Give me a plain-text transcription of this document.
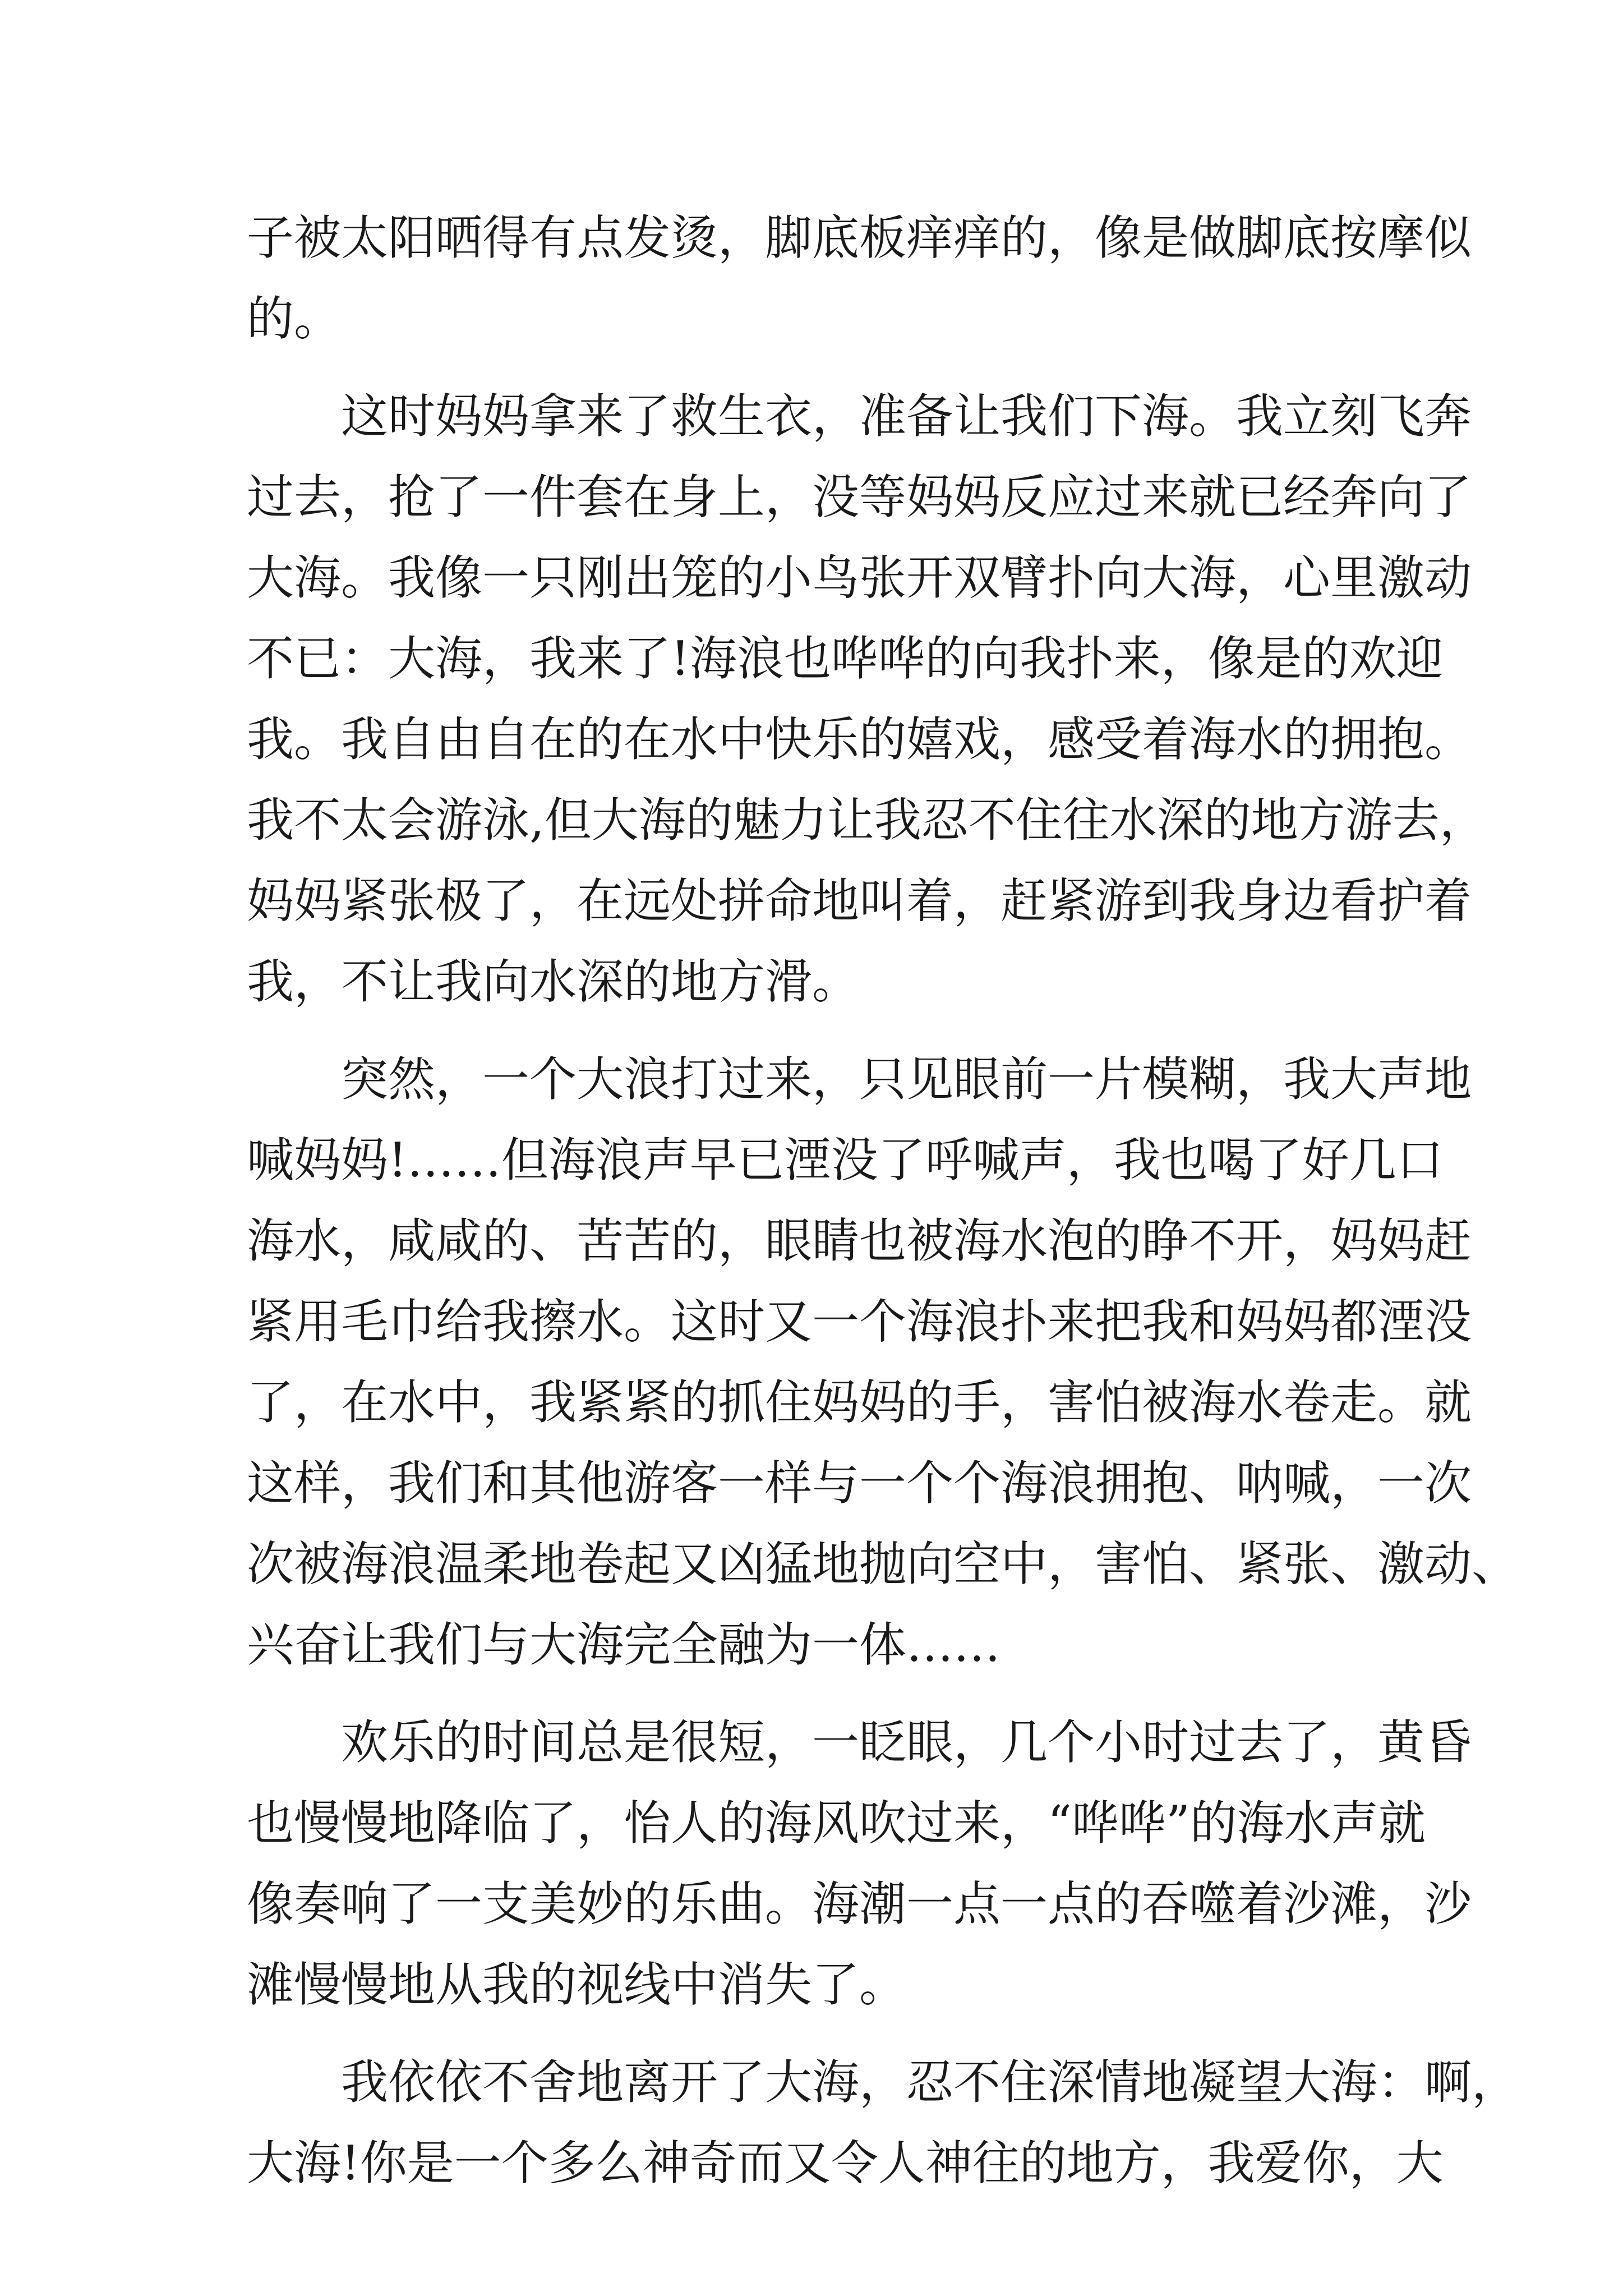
子被太阳晒得有点发烫，脚底板痒痒的，像是做脚底按摩似
的。
　　这时妈妈拿来了救生衣，准备让我们下海。我立刻飞奔
过去，抢了一件套在身上，没等妈妈反应过来就已经奔向了
大海。我像一只刚出笼的小鸟张开双臂扑向大海，心里激动
不已：大海，我来了!海浪也哗哗的向我扑来，像是的欢迎
我。我自由自在的在水中快乐的嬉戏，感受着海水的拥抱。
我不太会游泳,但大海的魅力让我忍不住往水深的地方游去，
妈妈紧张极了，在远处拼命地叫着，赶紧游到我身边看护着
我，不让我向水深的地方滑。
　　突然，一个大浪打过来，只见眼前一片模糊，我大声地
喊妈妈!……但海浪声早已湮没了呼喊声，我也喝了好几口
海水，咸咸的、苦苦的，眼睛也被海水泡的睁不开，妈妈赶
紧用毛巾给我擦水。这时又一个海浪扑来把我和妈妈都湮没
了，在水中，我紧紧的抓住妈妈的手，害怕被海水卷走。就
这样，我们和其他游客一样与一个个海浪拥抱、呐喊，一次
次被海浪温柔地卷起又凶猛地抛向空中，害怕、紧张、激动、
兴奋让我们与大海完全融为一体……
　　欢乐的时间总是很短，一眨眼，几个小时过去了，黄昏
也慢慢地降临了，怡人的海风吹过来，“哗哗”的海水声就
像奏响了一支美妙的乐曲。海潮一点一点的吞噬着沙滩，沙
滩慢慢地从我的视线中消失了。
　　我依依不舍地离开了大海，忍不住深情地凝望大海：啊，
大海!你是一个多么神奇而又令人神往的地方，我爱你，大
